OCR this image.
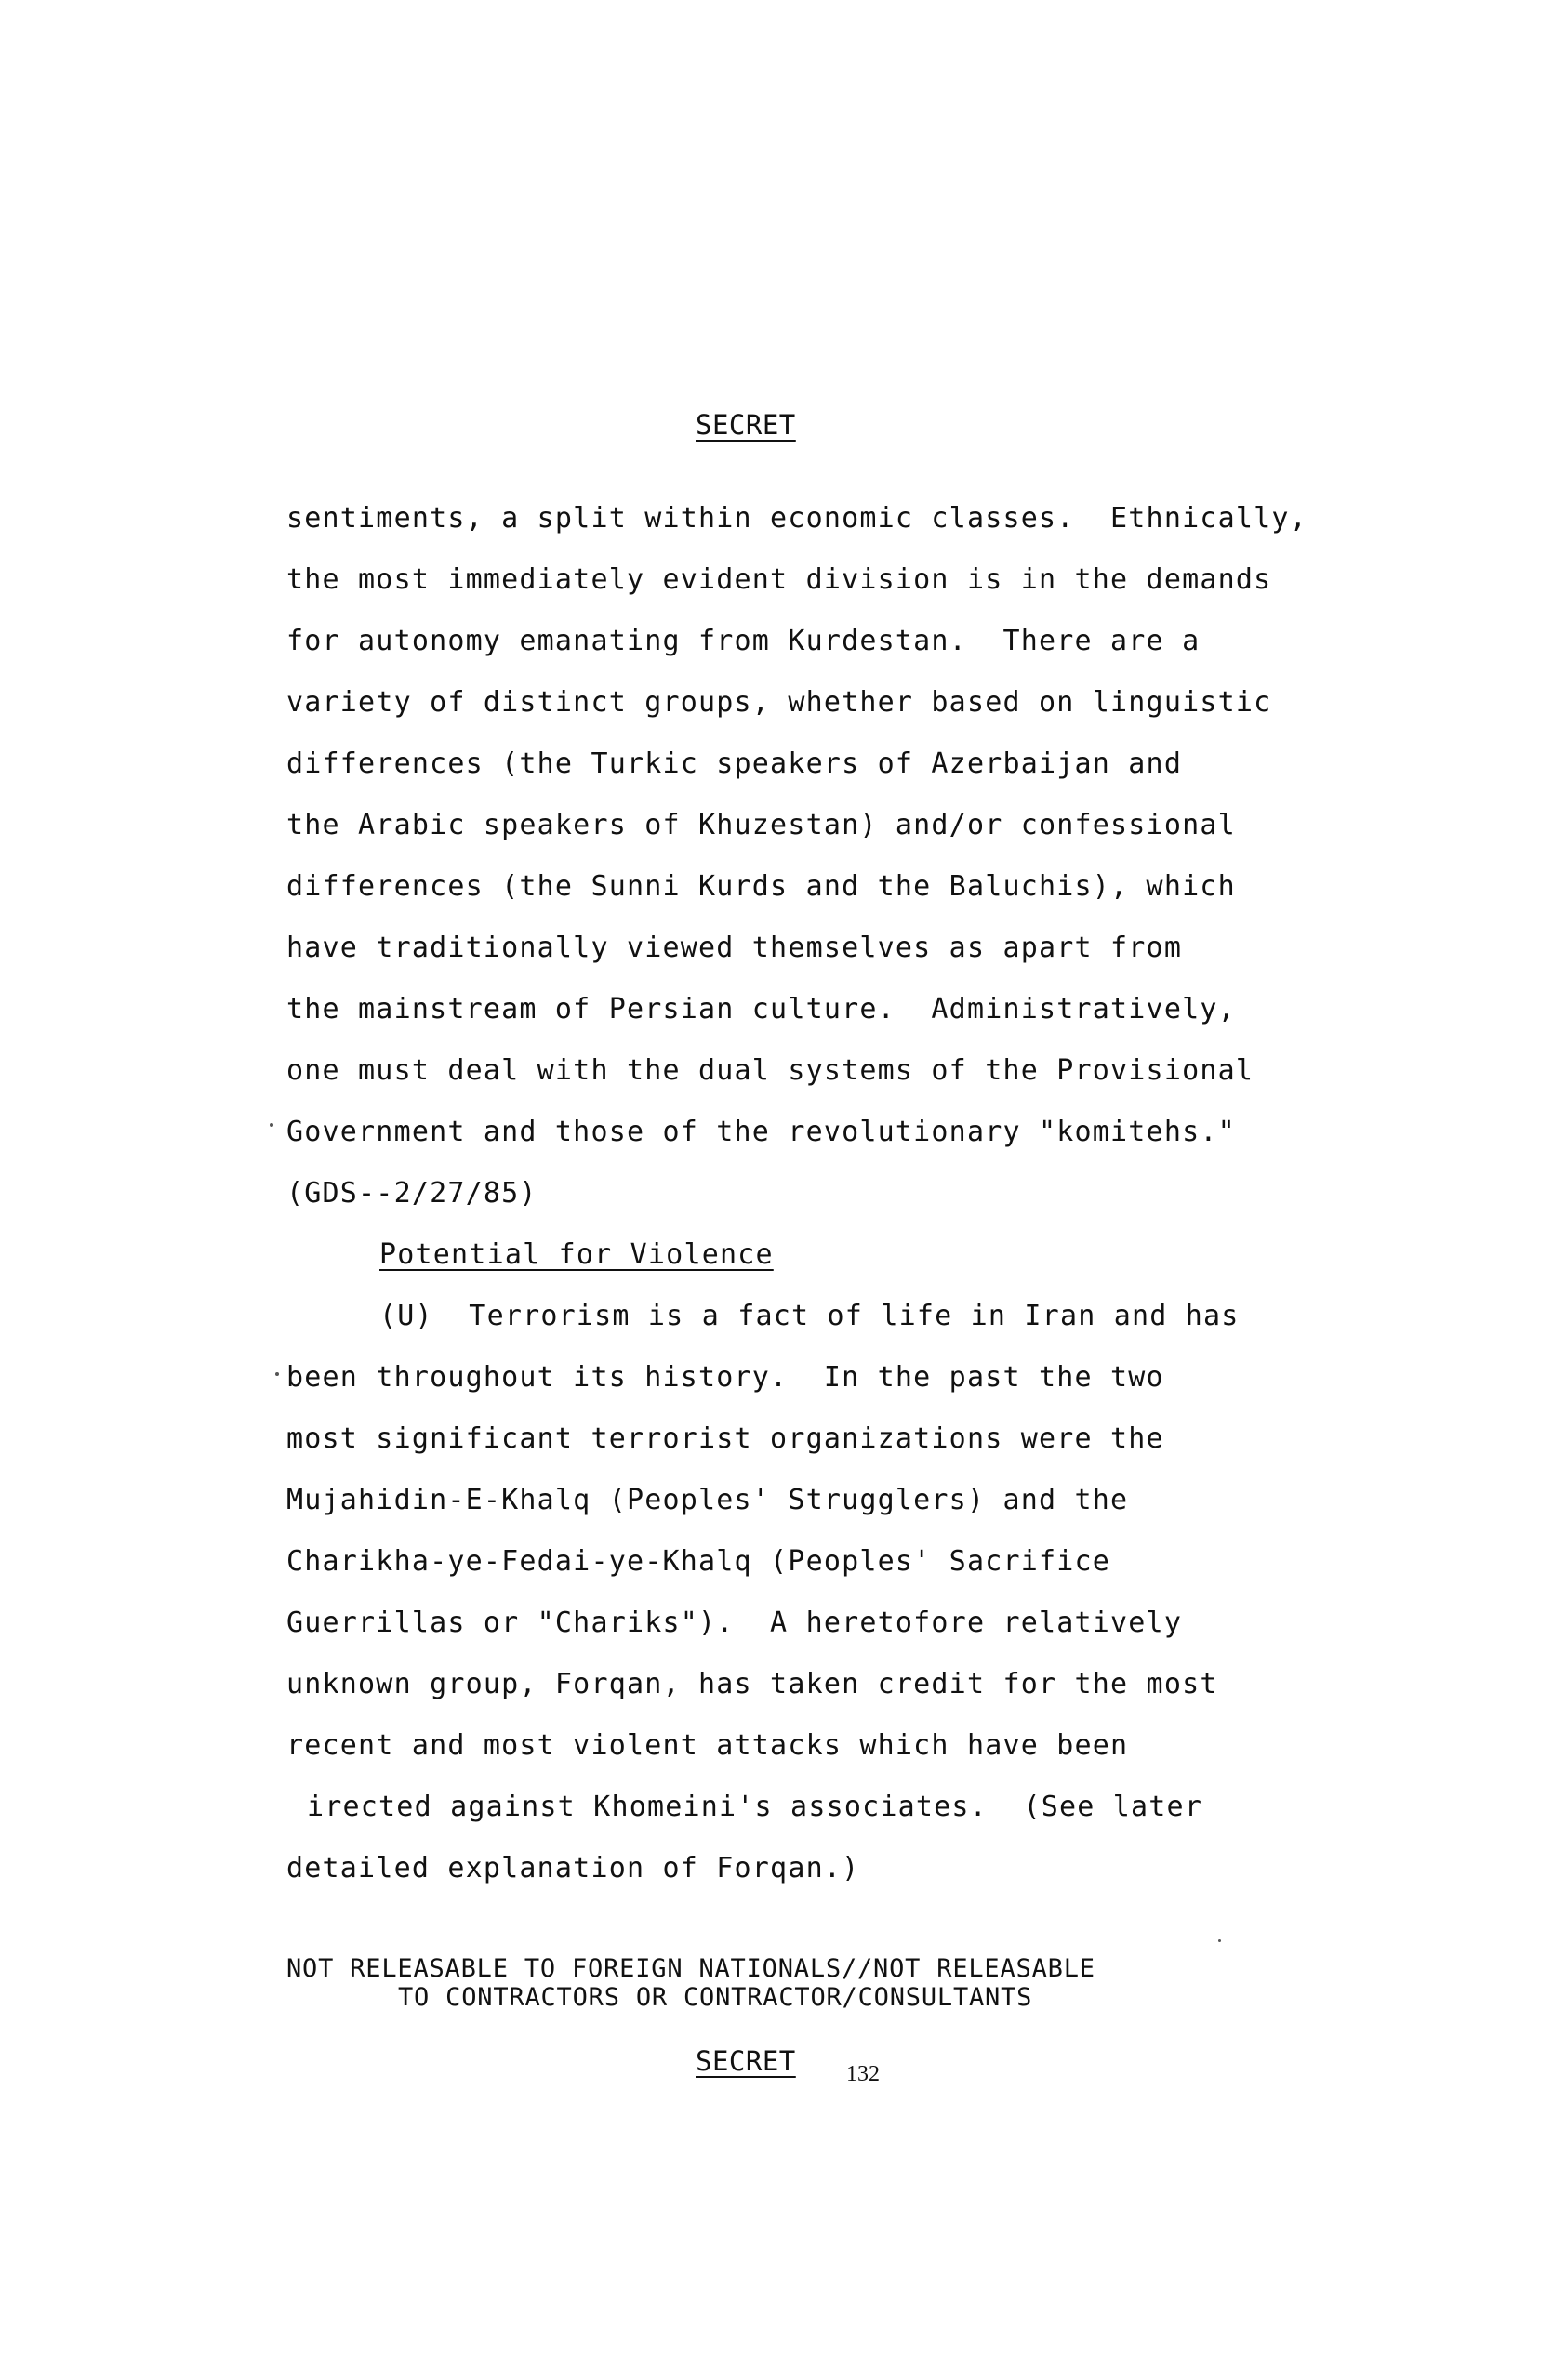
SECRET
sentiments, a split within economic classes.  Ethnically,
the most immediately evident division is in the demands
for autonomy emanating from Kurdestan.  There are a
variety of distinct groups, whether based on linguistic
differences (the Turkic speakers of Azerbaijan and
the Arabic speakers of Khuzestan) and/or confessional
differences (the Sunni Kurds and the Baluchis), which
have traditionally viewed themselves as apart from
the mainstream of Persian culture.  Administratively,
one must deal with the dual systems of the Provisional
Government and those of the revolutionary "komitehs."
(GDS--2/27/85)
Potential for Violence
(U)  Terrorism is a fact of life in Iran and has
been throughout its history.  In the past the two
most significant terrorist organizations were the
Mujahidin-E-Khalq (Peoples' Strugglers) and the
Charikha-ye-Fedai-ye-Khalq (Peoples' Sacrifice
Guerrillas or "Chariks").  A heretofore relatively
unknown group, Forqan, has taken credit for the most
recent and most violent attacks which have been
irected against Khomeini's associates.  (See later
detailed explanation of Forqan.)
NOT RELEASABLE TO FOREIGN NATIONALS//NOT RELEASABLE
TO CONTRACTORS OR CONTRACTOR/CONSULTANTS
SECRET 132
